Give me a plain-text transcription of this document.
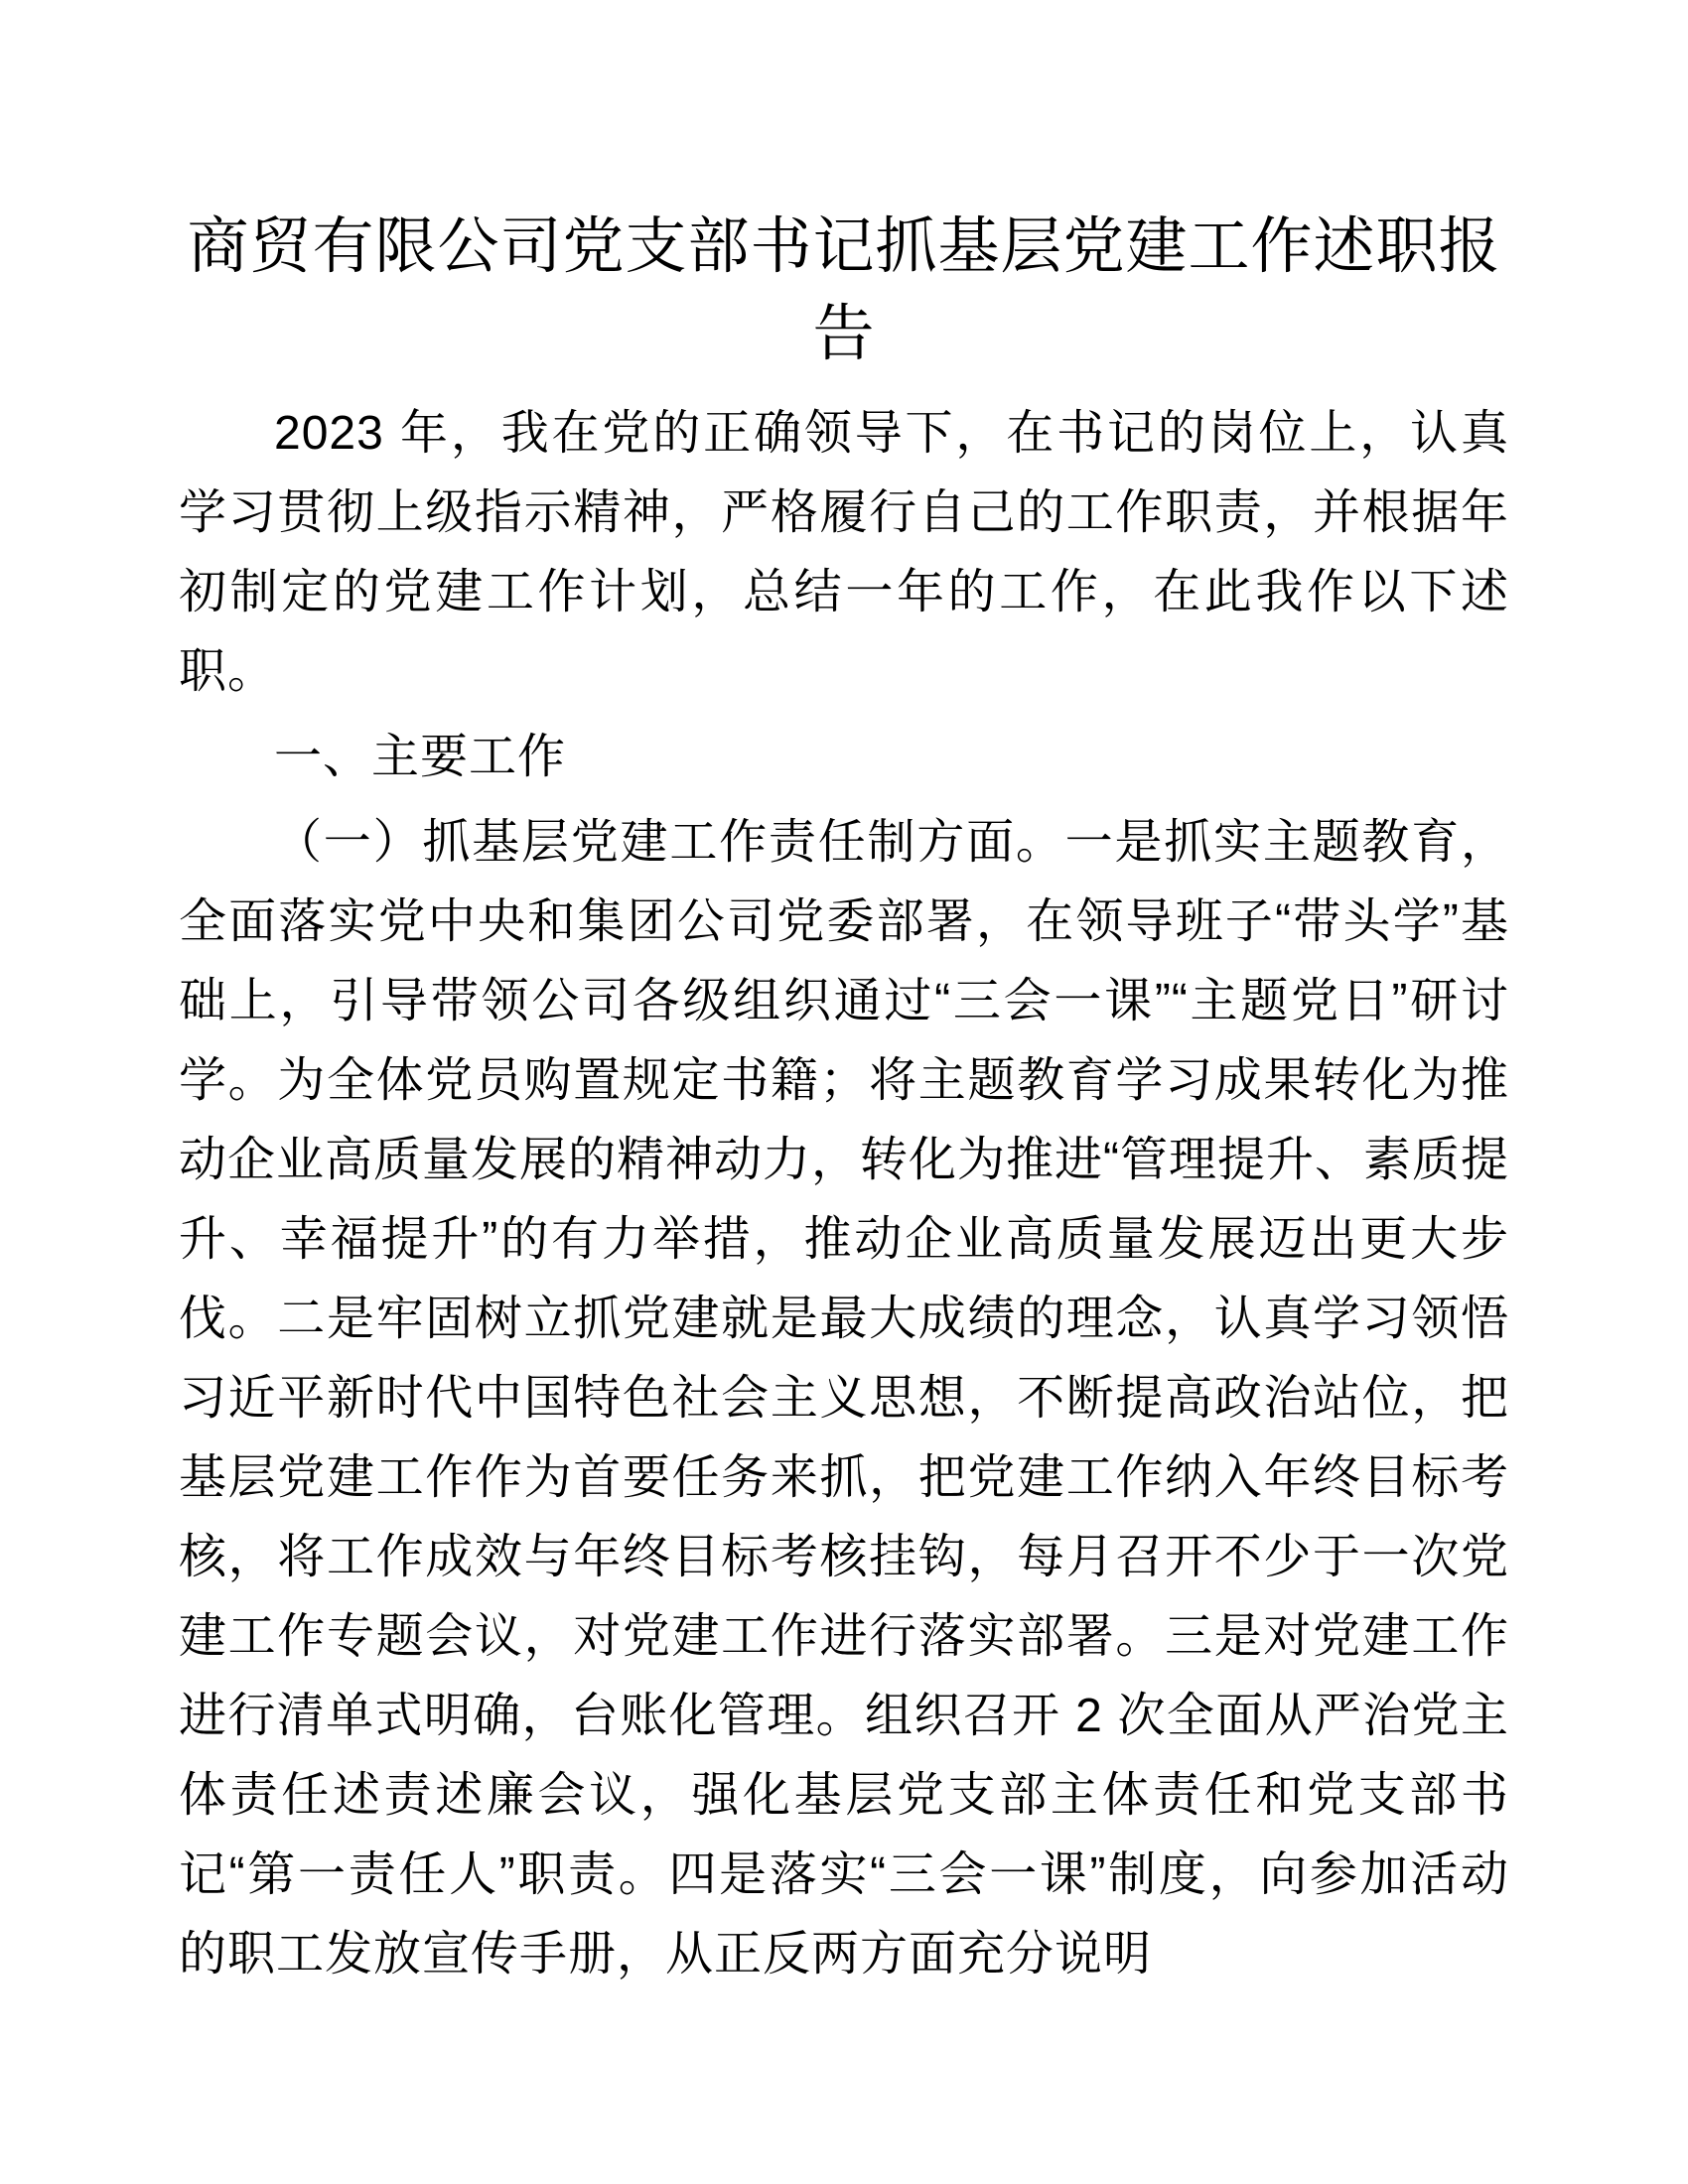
商贸有限公司党支部书记抓基层党建工作述职报告

2023 年，我在党的正确领导下，在书记的岗位上，认真学习贯彻上级指示精神，严格履行自己的工作职责，并根据年初制定的党建工作计划，总结一年的工作，在此我作以下述职。

一、主要工作

（一）抓基层党建工作责任制方面。一是抓实主题教育，全面落实党中央和集团公司党委部署，在领导班子“带头学”基础上，引导带领公司各级组织通过“三会一课”“主题党日”研讨学。为全体党员购置规定书籍；将主题教育学习成果转化为推动企业高质量发展的精神动力，转化为推进“管理提升、素质提升、幸福提升”的有力举措，推动企业高质量发展迈出更大步伐。二是牢固树立抓党建就是最大成绩的理念，认真学习领悟习近平新时代中国特色社会主义思想，不断提高政治站位，把基层党建工作作为首要任务来抓，把党建工作纳入年终目标考核，将工作成效与年终目标考核挂钩，每月召开不少于一次党建工作专题会议，对党建工作进行落实部署。三是对党建工作进行清单式明确，台账化管理。组织召开 2 次全面从严治党主体责任述责述廉会议，强化基层党支部主体责任和党支部书记“第一责任人”职责。四是落实“三会一课”制度，向参加活动的职工发放宣传手册，从正反两方面充分说明
